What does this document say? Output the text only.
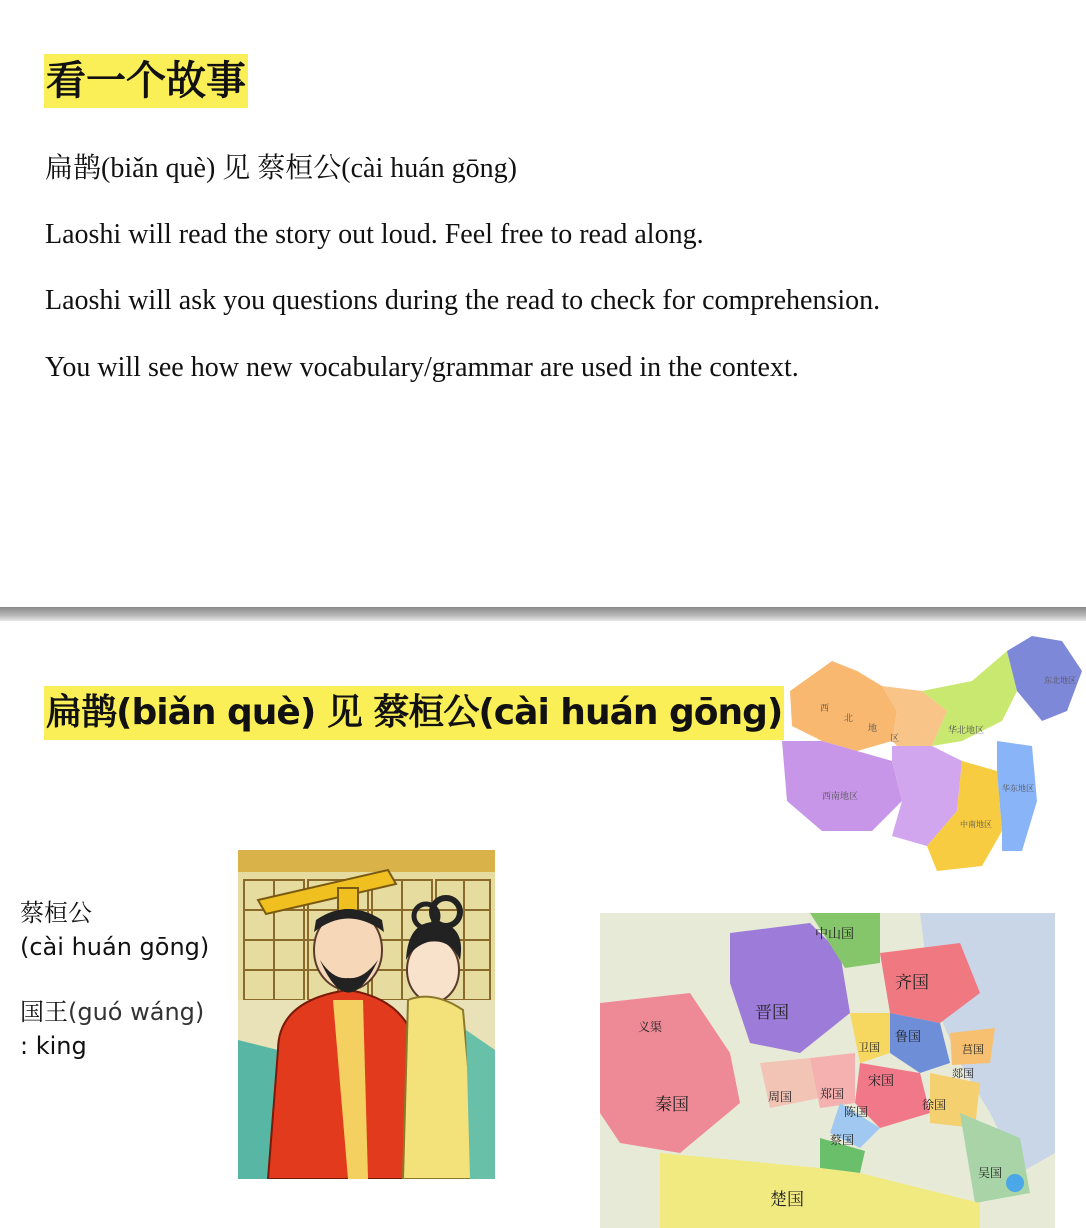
看一个故事
扁鹊(biǎn què) 见 蔡桓公(cài huán gōng)
Laoshi will read the story out loud. Feel free to read along.
Laoshi will ask you questions during the read to check for comprehension.
You will see how new vocabulary/grammar are used in the context.
扁鹊(biǎn què) 见 蔡桓公(cài huán gōng)
蔡桓公
(cài huán gōng)
国王(guó wáng)
: king
西
北
地
区
华北地区
东北地区
西南地区
华东地区
中南地区
中山国
晋国
齐国
鲁国
卫国
宋国
周国 郑国
陈国
蔡国
秦国
楚国
徐国
郯国
莒国
吴国
义渠
